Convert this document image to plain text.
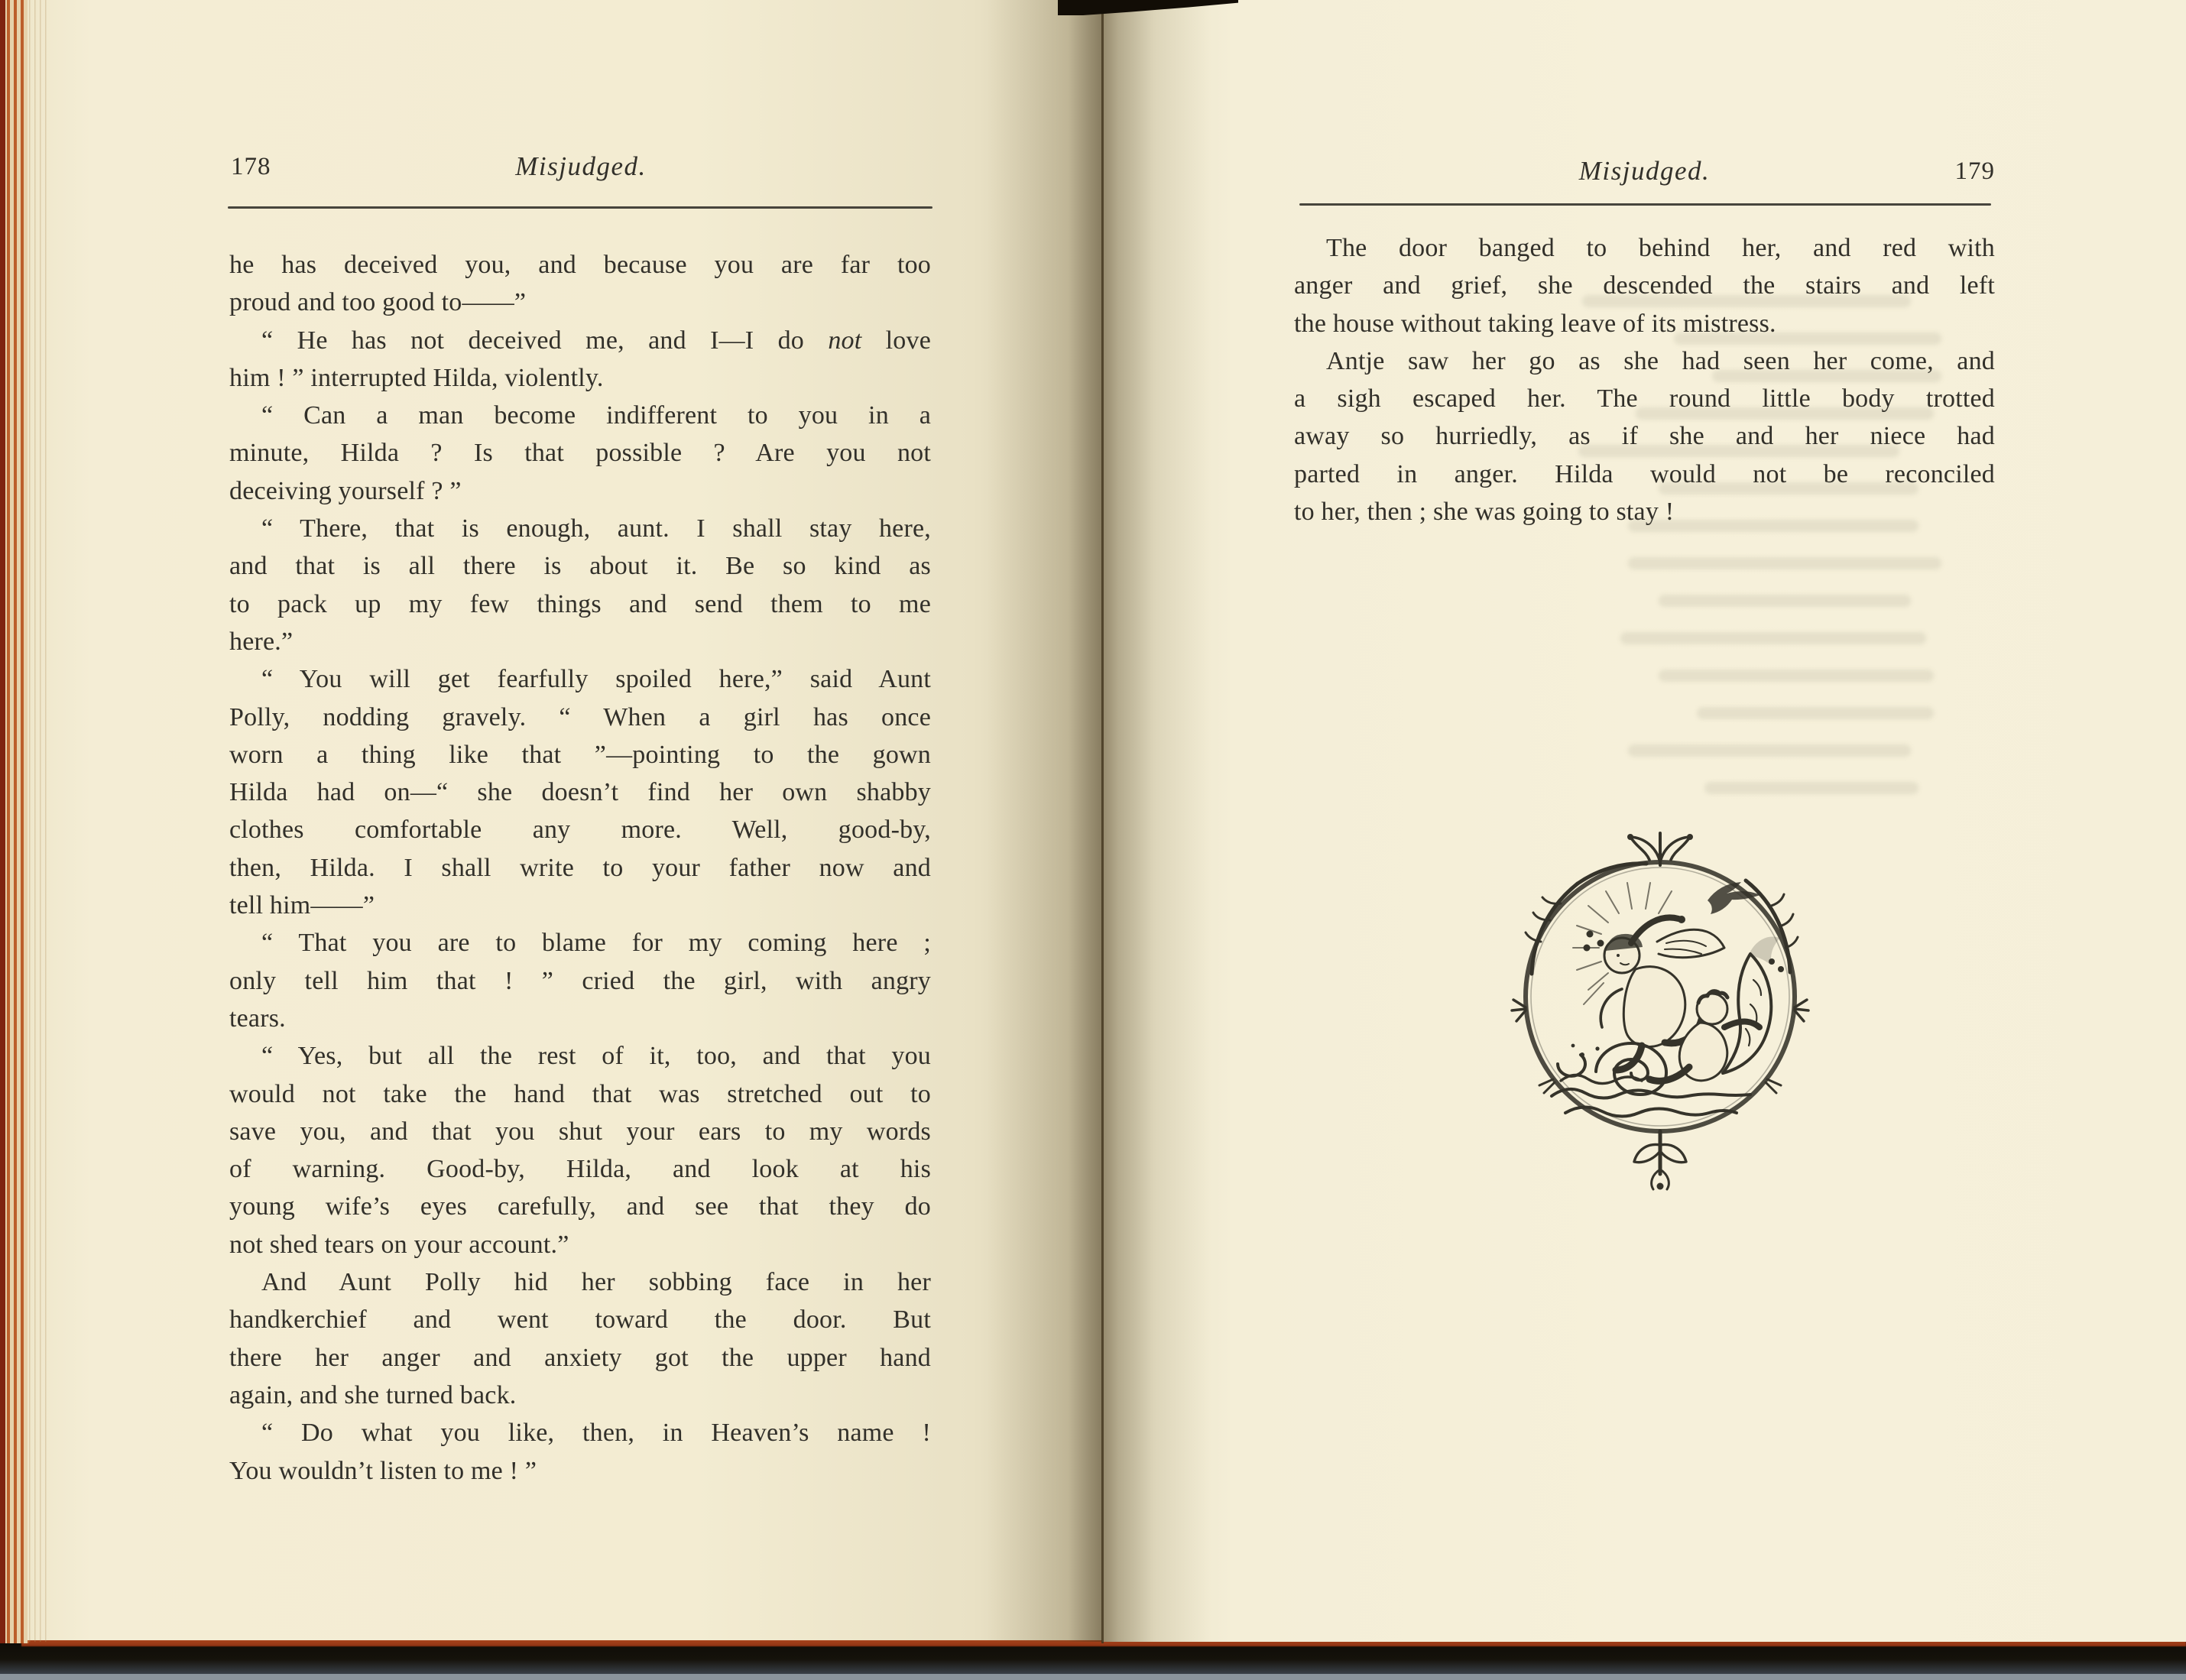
178	Misjudged.
he has deceived you, and because you are far too
proud and too good to——”
“ He has not deceived me, and I—I do not love
him ! ” interrupted Hilda, violently.
“ Can a man become indifferent to you in a
minute, Hilda ? Is that possible ? Are you not
deceiving yourself ? ”
“ There, that is enough, aunt. I shall stay here,
and that is all there is about it. Be so kind as
to pack up my few things and send them to me
here.”
“ You will get fearfully spoiled here,” said Aunt
Polly, nodding gravely. “ When a girl has once
worn a thing like that ”—pointing to the gown
Hilda had on—“ she doesn’t find her own shabby
clothes comfortable any more. Well, good-by,
then, Hilda. I shall write to your father now and
tell him——”
“ That you are to blame for my coming here ;
only tell him that ! ” cried the girl, with angry
tears.
“ Yes, but all the rest of it, too, and that you
would not take the hand that was stretched out to
save you, and that you shut your ears to my words
of warning. Good-by, Hilda, and look at his
young wife’s eyes carefully, and see that they do
not shed tears on your account.”
And Aunt Polly hid her sobbing face in her
handkerchief and went toward the door. But
there her anger and anxiety got the upper hand
again, and she turned back.
“ Do what you like, then, in Heaven’s name !
You wouldn’t listen to me ! ”
Misjudged.	179
The door banged to behind her, and red with
anger and grief, she descended the stairs and left
the house without taking leave of its mistress.
Antje saw her go as she had seen her come, and
a sigh escaped her. The round little body trotted
away so hurriedly, as if she and her niece had
parted in anger. Hilda would not be reconciled
to her, then ; she was going to stay !
